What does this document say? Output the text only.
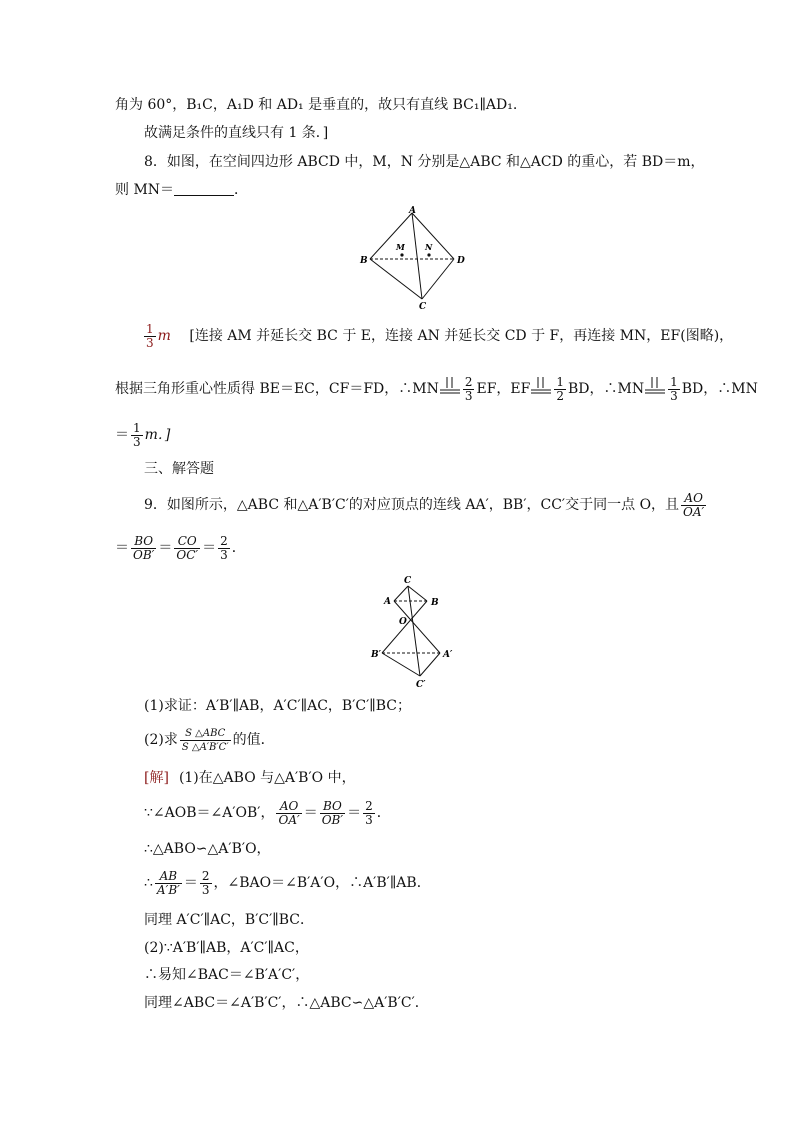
角为 60°，B₁C，A₁D 和 AD₁ 是垂直的，故只有直线 BC₁∥AD₁.
故满足条件的直线只有 1 条．]
8．如图，在空间四边形 ABCD 中，M，N 分别是△ABC 和△ACD 的重心，若 BD＝m，
则 MN＝	．
A
B	D
C
M	N
$\frac{1}{3}$ m [连接 AM 并延长交 BC 于 E，连接 AN 并延长交 CD 于 F，再连接 MN，EF(图略)，
根据三角形重心性质得 BE＝EC，CF＝FD，∴MN $\frac{2}{3}$ EF，EF $\frac{1}{2}$ BD，∴MN $\frac{1}{3}$ BD，∴MN
＝ $\frac{1}{3}$ m．]
三、解答题
9．如图所示，△ABC 和△A′B′C′的对应顶点的连线 AA′，BB′，CC′交于同一点 O，且 $\frac{AO}{OA'}$
＝ $\frac{BO}{OB'} = \frac{CO}{OC'} = \frac{2}{3}$ ．
C
A	B
O
B′	A′
C′
(1)求证：A′B′∥AB，A′C′∥AC，B′C′∥BC；
(2)求 $\frac{\text{S △ABC}}{S \triangle A'B'C'}$ 的值．
[解] (1)在△ABO 与△A′B′O 中，
∵∠AOB＝∠A′OB′， $\frac{AO}{OA'} = \frac{BO}{OB'} = \frac{2}{3}$ ．
∴△ABO∽△A′B′O，
∴ $\frac{AB}{A'B'} = \frac{2}{3}$ ，∠BAO＝∠B′A′O，∴A′B′∥AB．
同理 A′C′∥AC，B′C′∥BC．
(2)∵A′B′∥AB，A′C′∥AC，
∴易知∠BAC＝∠B′A′C′，
同理∠ABC＝∠A′B′C′，∴△ABC∽△A′B′C′．
